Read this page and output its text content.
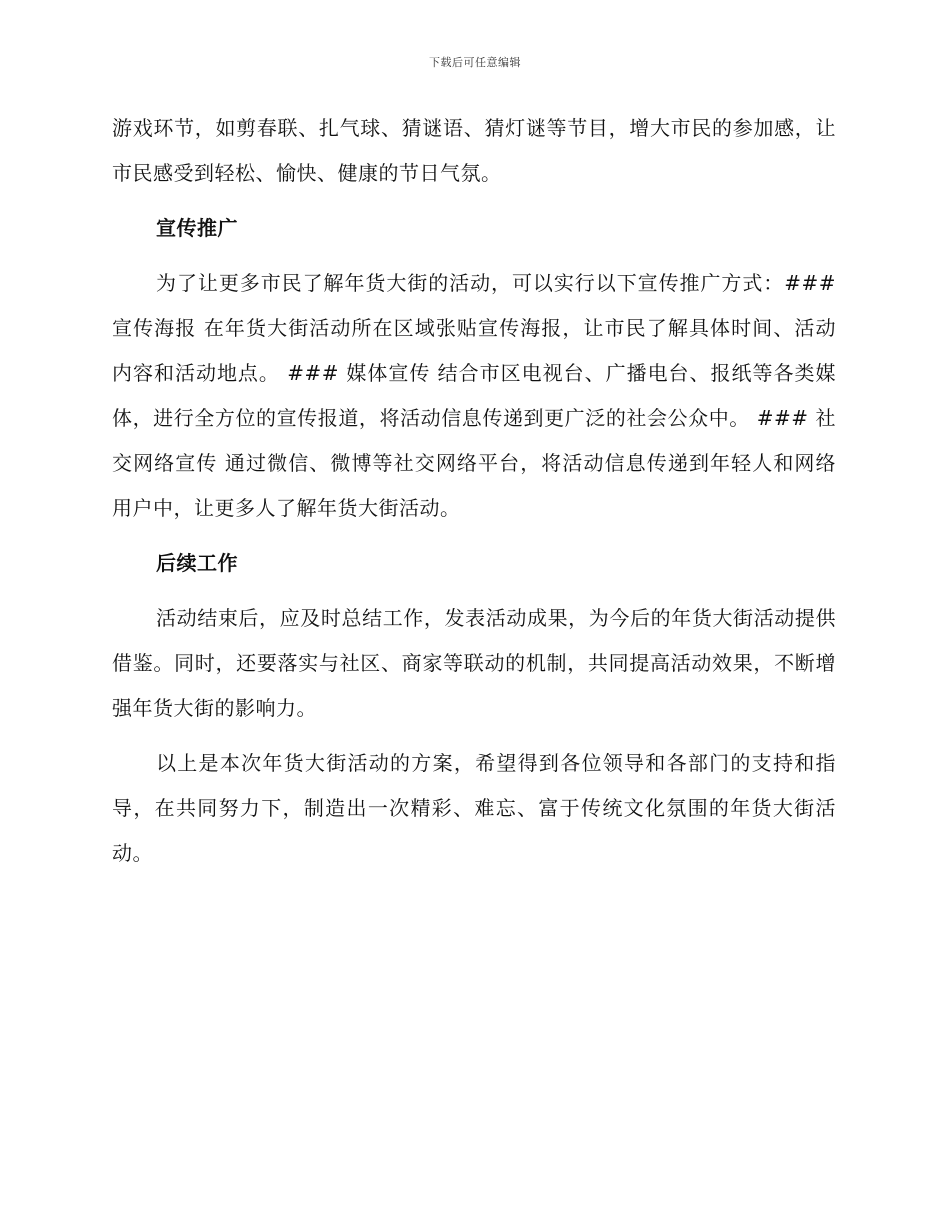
下载后可任意编辑

游戏环节，如剪春联、扎气球、猜谜语、猜灯谜等节目，增大市民的参加感，让市民感受到轻松、愉快、健康的节日气氛。

宣传推广

为了让更多市民了解年货大街的活动，可以实行以下宣传推广方式：### 宣传海报 在年货大街活动所在区域张贴宣传海报，让市民了解具体时间、活动内容和活动地点。 ### 媒体宣传 结合市区电视台、广播电台、报纸等各类媒体，进行全方位的宣传报道，将活动信息传递到更广泛的社会公众中。 ### 社交网络宣传 通过微信、微博等社交网络平台，将活动信息传递到年轻人和网络用户中，让更多人了解年货大街活动。

后续工作

活动结束后，应及时总结工作，发表活动成果，为今后的年货大街活动提供借鉴。同时，还要落实与社区、商家等联动的机制，共同提高活动效果，不断增强年货大街的影响力。

以上是本次年货大街活动的方案，希望得到各位领导和各部门的支持和指导，在共同努力下，制造出一次精彩、难忘、富于传统文化氛围的年货大街活动。
